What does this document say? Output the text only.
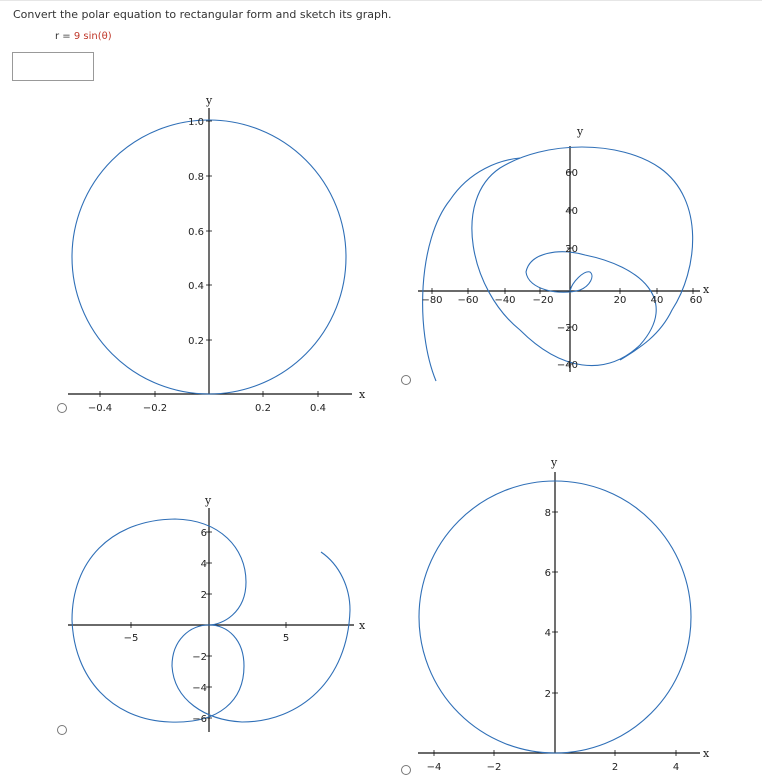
Convert the polar equation to rectangular form and sketch its graph.
r = 9 sin(θ)
−0.4	−0.2	0.2	0.4
1.0
0.8
0.6
0.4
0.2
x
y
−80 −60 −40 −20	20 40	60
60
40
20
−20
−40
x
y
−5	5
6
4
2
−2
−4
−6
x
y
−4	−2	2	4
8
6
4
2
x
y
